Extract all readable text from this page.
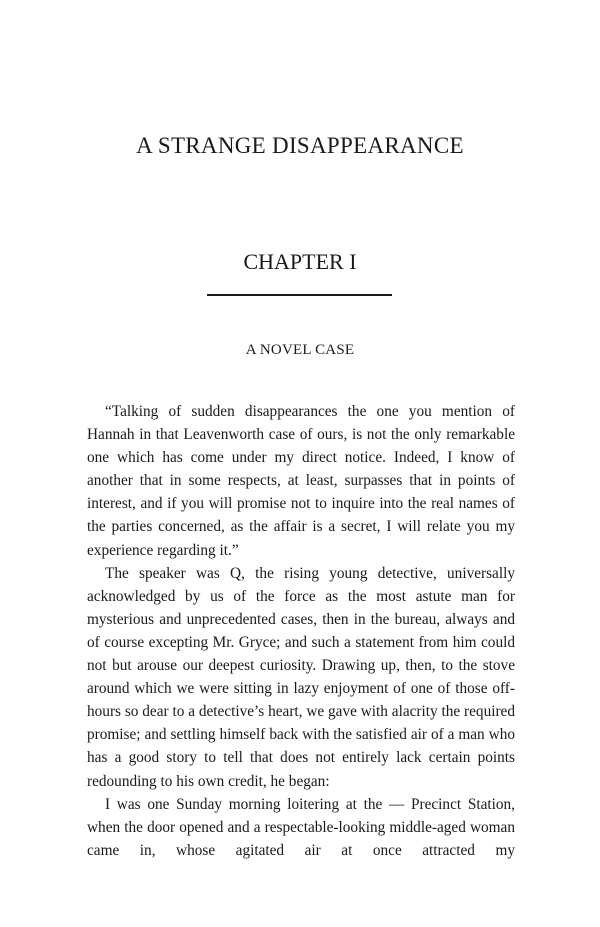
A STRANGE DISAPPEARANCE
CHAPTER I
A NOVEL CASE

“Talking of sudden disappearances the one you mention of Hannah in that Leavenworth case of ours, is not the only remarkable one which has come under my direct notice. Indeed, I know of another that in some respects, at least, surpasses that in points of interest, and if you will promise not to inquire into the real names of the parties concerned, as the affair is a secret, I will relate you my experience regarding it.”

The speaker was Q, the rising young detective, universally acknowledged by us of the force as the most astute man for mysterious and unprecedented cases, then in the bureau, always and of course excepting Mr. Gryce; and such a statement from him could not but arouse our deepest curiosity. Drawing up, then, to the stove around which we were sitting in lazy enjoyment of one of those off-hours so dear to a detective’s heart, we gave with alacrity the required promise; and settling himself back with the satisfied air of a man who has a good story to tell that does not entirely lack certain points redounding to his own credit, he began:

I was one Sunday morning loitering at the — Precinct Station, when the door opened and a respectable-looking middle-aged woman came in, whose agitated air at once attracted my
